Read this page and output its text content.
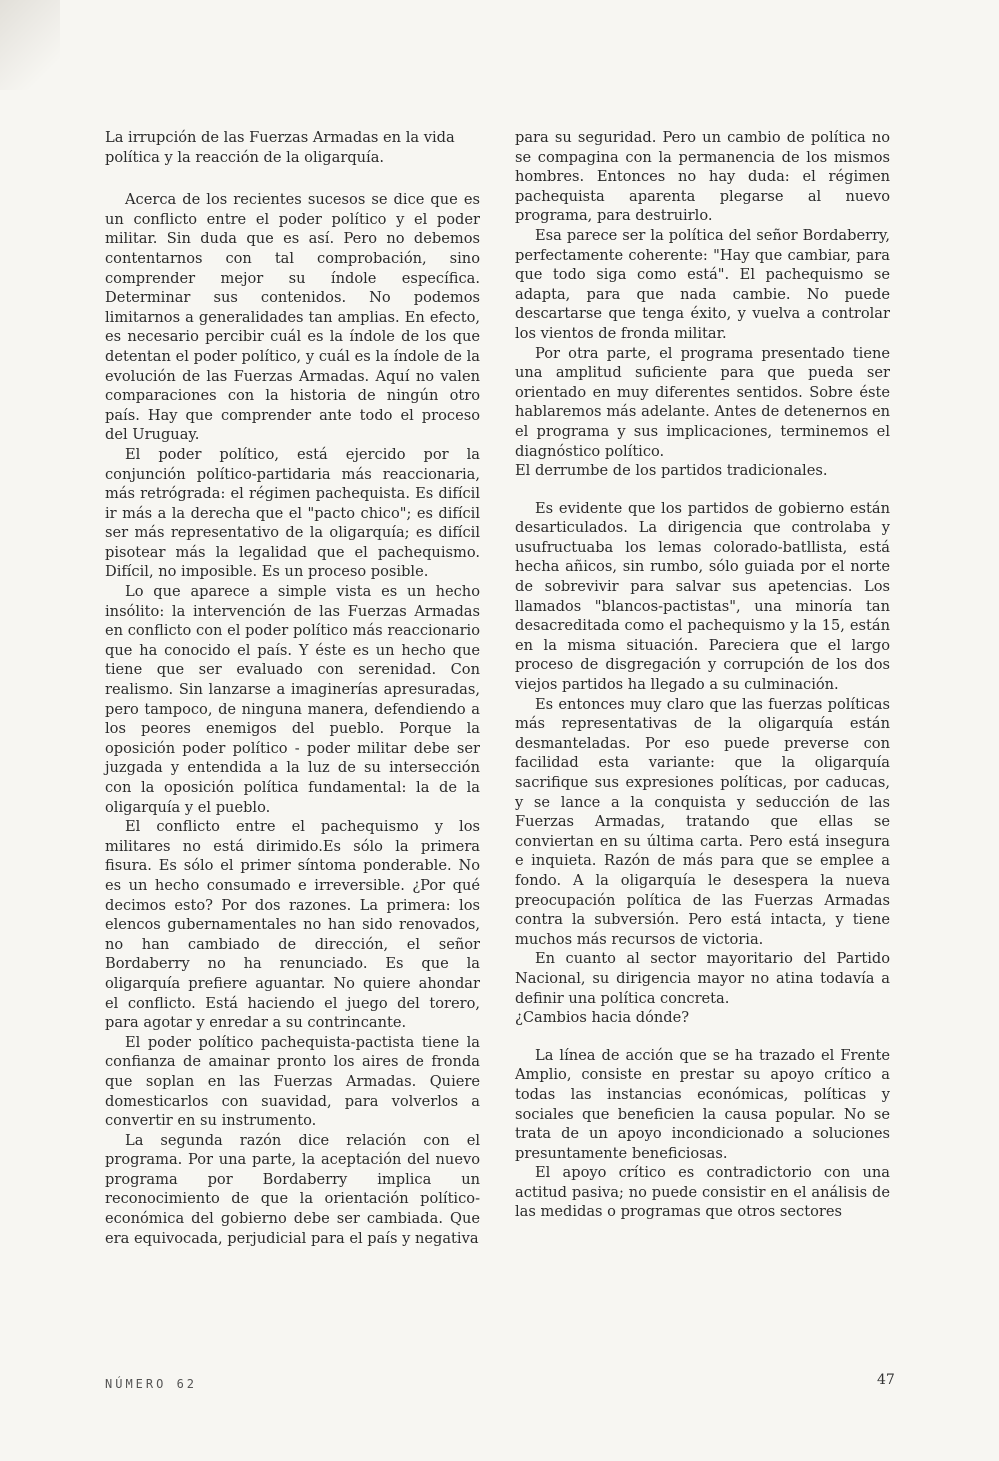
La irrupción de las Fuerzas Armadas en la vida política y la reacción de la oligarquía.

Acerca de los recientes sucesos se dice que es un conflicto entre el poder político y el poder militar. Sin duda que es así. Pero no debemos contentarnos con tal comprobación, sino comprender mejor su índole específica. Determinar sus contenidos. No podemos limitarnos a generalidades tan amplias. En efecto, es necesario percibir cuál es la índole de los que detentan el poder político, y cuál es la índole de la evolución de las Fuerzas Armadas. Aquí no valen comparaciones con la historia de ningún otro país. Hay que comprender ante todo el proceso del Uruguay.

El poder político, está ejercido por la conjunción político-partidaria más reaccionaria, más retrógrada: el régimen pachequista. Es difícil ir más a la derecha que el "pacto chico"; es difícil ser más representativo de la oligarquía; es difícil pisotear más la legalidad que el pachequismo. Difícil, no imposible. Es un proceso posible.

Lo que aparece a simple vista es un hecho insólito: la intervención de las Fuerzas Armadas en conflicto con el poder político más reaccionario que ha conocido el país. Y éste es un hecho que tiene que ser evaluado con serenidad. Con realismo. Sin lanzarse a imaginerías apresuradas, pero tampoco, de ninguna manera, defendiendo a los peores enemigos del pueblo. Porque la oposición poder político - poder militar debe ser juzgada y entendida a la luz de su intersección con la oposición política fundamental: la de la oligarquía y el pueblo.

El conflicto entre el pachequismo y los militares no está dirimido.Es sólo la primera fisura. Es sólo el primer síntoma ponderable. No es un hecho consumado e irreversible. ¿Por qué decimos esto? Por dos razones. La primera: los elencos gubernamentales no han sido renovados, no han cambiado de dirección, el señor Bordaberry no ha renunciado. Es que la oligarquía prefiere aguantar. No quiere ahondar el conflicto. Está haciendo el juego del torero, para agotar y enredar a su contrincante.

El poder político pachequista-pactista tiene la confianza de amainar pronto los aires de fronda que soplan en las Fuerzas Armadas. Quiere domesticarlos con suavidad, para volverlos a convertir en su instrumento.

La segunda razón dice relación con el programa. Por una parte, la aceptación del nuevo programa por Bordaberry implica un reconocimiento de que la orientación político-económica del gobierno debe ser cambiada. Que era equivocada, perjudicial para el país y negativa

para su seguridad. Pero un cambio de política no se compagina con la permanencia de los mismos hombres. Entonces no hay duda: el régimen pachequista aparenta plegarse al nuevo programa, para destruirlo.

Esa parece ser la política del señor Bordaberry, perfectamente coherente: "Hay que cambiar, para que todo siga como está". El pachequismo se adapta, para que nada cambie. No puede descartarse que tenga éxito, y vuelva a controlar los vientos de fronda militar.

Por otra parte, el programa presentado tiene una amplitud suficiente para que pueda ser orientado en muy diferentes sentidos. Sobre éste hablaremos más adelante. Antes de detenernos en el programa y sus implicaciones, terminemos el diagnóstico político.

El derrumbe de los partidos tradicionales.

Es evidente que los partidos de gobierno están desarticulados. La dirigencia que controlaba y usufructuaba los lemas colorado-batllista, está hecha añicos, sin rumbo, sólo guiada por el norte de sobrevivir para salvar sus apetencias. Los llamados "blancos-pactistas", una minoría tan desacreditada como el pachequismo y la 15, están en la misma situación. Pareciera que el largo proceso de disgregación y corrupción de los dos viejos partidos ha llegado a su culminación.

Es entonces muy claro que las fuerzas políticas más representativas de la oligarquía están desmanteladas. Por eso puede preverse con facilidad esta variante: que la oligarquía sacrifique sus expresiones políticas, por caducas, y se lance a la conquista y seducción de las Fuerzas Armadas, tratando que ellas se conviertan en su última carta. Pero está insegura e inquieta. Razón de más para que se emplee a fondo. A la oligarquía le desespera la nueva preocupación política de las Fuerzas Armadas contra la subversión. Pero está intacta, y tiene muchos más recursos de victoria.

En cuanto al sector mayoritario del Partido Nacional, su dirigencia mayor no atina todavía a definir una política concreta.

¿Cambios hacia dónde?

La línea de acción que se ha trazado el Frente Amplio, consiste en prestar su apoyo crítico a todas las instancias económicas, políticas y sociales que beneficien la causa popular. No se trata de un apoyo incondicionado a soluciones presuntamente beneficiosas.

El apoyo crítico es contradictorio con una actitud pasiva; no puede consistir en el análisis de las medidas o programas que otros sectores

NÚMERO 62	47
